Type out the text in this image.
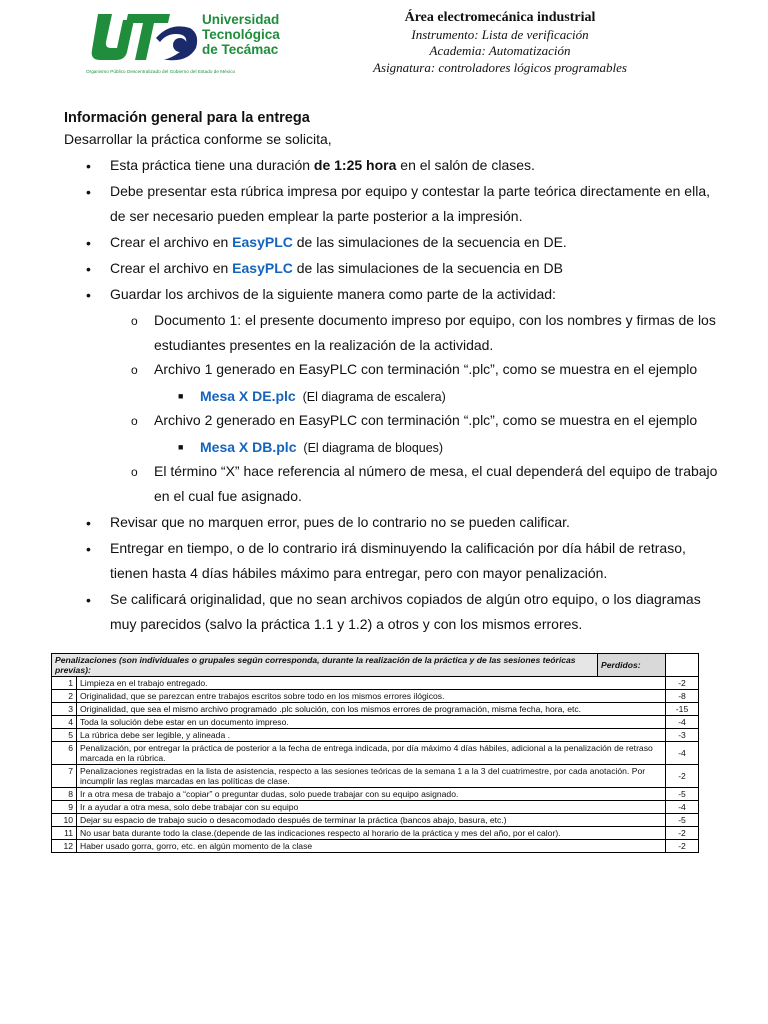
Universidad
Tecnológica
de Tecámac
Organismo Público Descentralizado del Gobierno del Estado de México
Área electromecánica industrial
Instrumento: Lista de verificación
Academia: Automatización
Asignatura: controladores lógicos programables
Información general para la entrega
Desarrollar la práctica conforme se solicita,
• Esta práctica tiene una duración de 1:25 hora en el salón de clases.
• Debe presentar esta rúbrica impresa por equipo y contestar la parte teórica directamente en ella,
de ser necesario pueden emplear la parte posterior a la impresión.
• Crear el archivo en EasyPLC de las simulaciones de la secuencia en DE.
• Crear el archivo en EasyPLC de las simulaciones de la secuencia en DB
• Guardar los archivos de la siguiente manera como parte de la actividad:
o Documento 1: el presente documento impreso por equipo, con los nombres y firmas de los
estudiantes presentes en la realización de la actividad.
o Archivo 1 generado en EasyPLC con terminación “.plc”, como se muestra en el ejemplo
■ Mesa X DE.plc  (El diagrama de escalera)
o Archivo 2 generado en EasyPLC con terminación “.plc”, como se muestra en el ejemplo
■ Mesa X DB.plc  (El diagrama de bloques)
o El término “X” hace referencia al número de mesa, el cual dependerá del equipo de trabajo
en el cual fue asignado.
• Revisar que no marquen error, pues de lo contrario no se pueden calificar.
• Entregar en tiempo, o de lo contrario irá disminuyendo la calificación por día hábil de retraso,
tienen hasta 4 días hábiles máximo para entregar, pero con mayor penalización.
• Se calificará originalidad, que no sean archivos copiados de algún otro equipo, o los diagramas
muy parecidos (salvo la práctica 1.1 y 1.2) a otros y con los mismos errores.
Penalizaciones (son individuales o grupales según corresponda, durante la realización de la práctica y de las sesiones teóricas previas):		Perdidos:	
1	Limpieza en el trabajo entregado.		-2
2	Originalidad, que se parezcan entre trabajos escritos sobre todo en los mismos errores ilógicos.		-8
3	Originalidad, que sea el mismo archivo programado .plc solución, con los mismos errores de programación, misma fecha, hora, etc.		-15
4	Toda la solución debe estar en un documento impreso.		-4
5	La rúbrica debe ser legible, y alineada .		-3
6	Penalización, por entregar la práctica de posterior a la fecha de entrega indicada, por día máximo 4 días hábiles, adicional a la penalización de retraso marcada en la rúbrica.		-4
7	Penalizaciones registradas en la lista de asistencia, respecto a las sesiones teóricas de la semana 1 a la 3 del cuatrimestre, por cada anotación. Por incumplir las reglas marcadas en las políticas de clase.		-2
8	Ir a otra mesa de trabajo a “copiar” o preguntar dudas, solo puede trabajar con su equipo asignado.		-5
9	Ir a ayudar a otra mesa, solo debe trabajar con su equipo		-4
10	Dejar su espacio de trabajo sucio o desacomodado después de terminar la práctica (bancos abajo, basura, etc.)		-5
11	No usar bata durante todo la clase.(depende de las indicaciones respecto al horario de la práctica y mes del año, por el calor).		-2
12	Haber usado gorra, gorro, etc. en algún momento de la clase		-2
